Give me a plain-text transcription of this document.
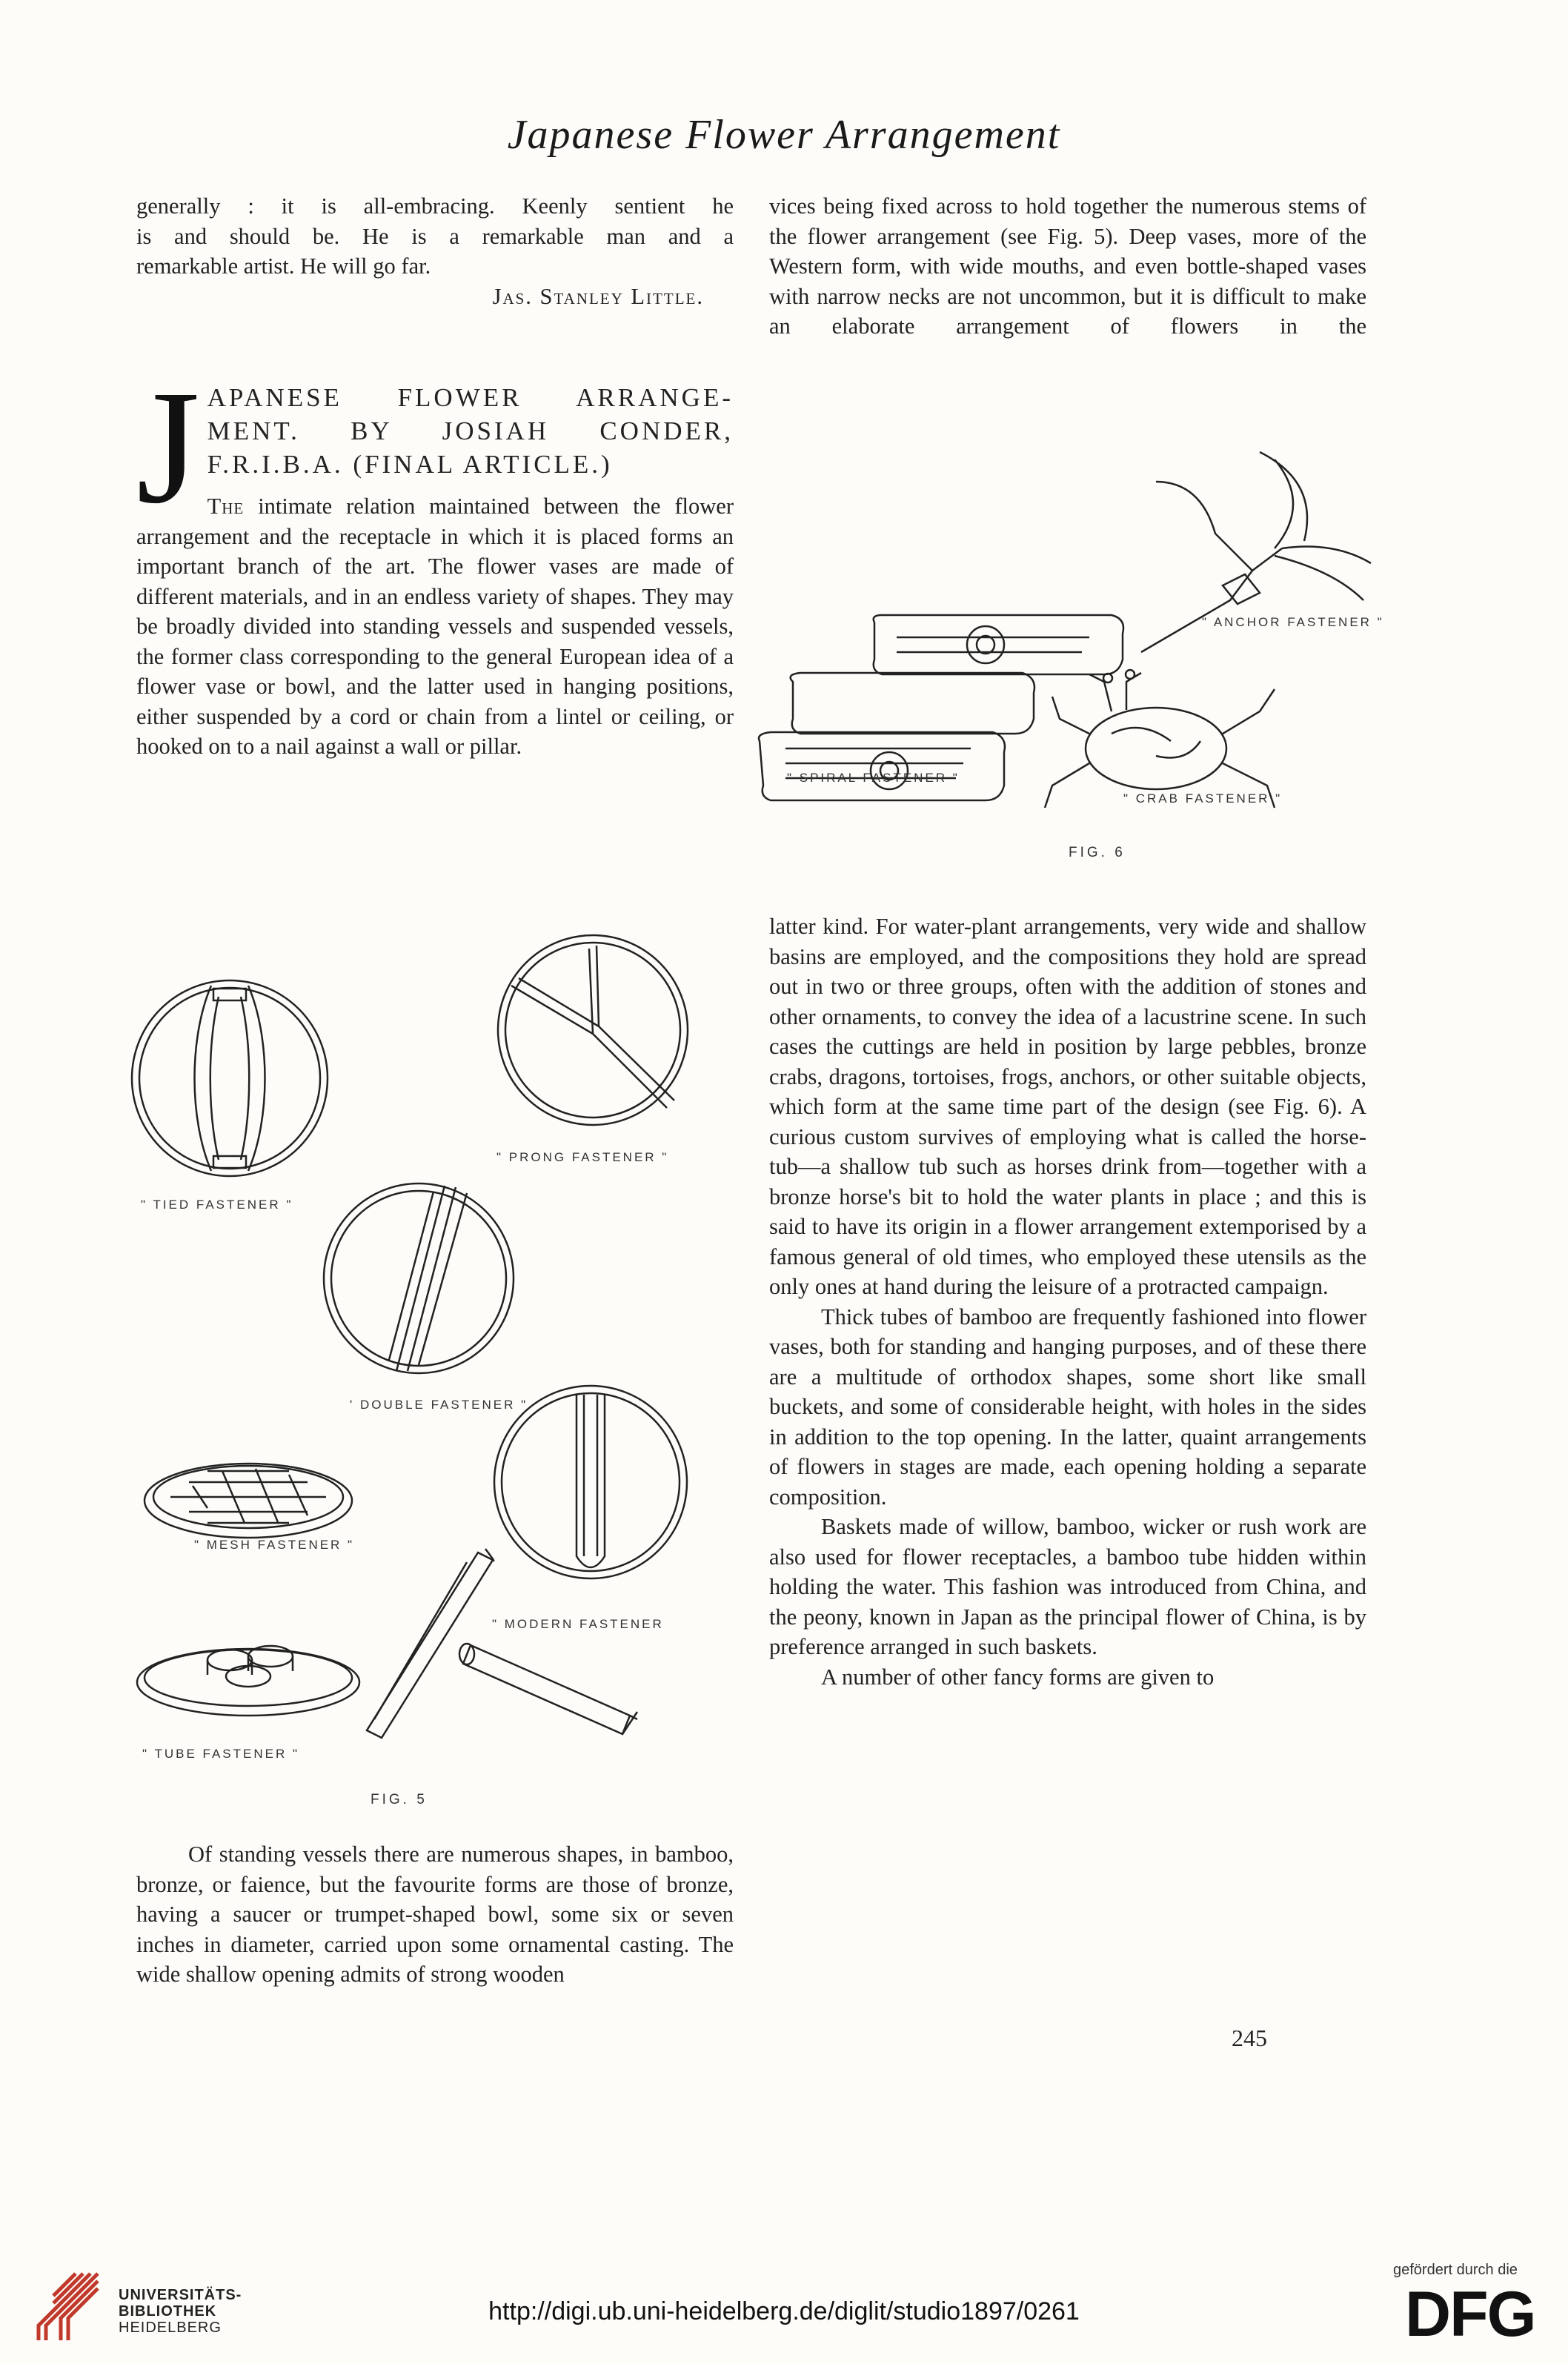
Japanese Flower Arrangement

generally : it is all-embracing. Keenly sentient he

is and should be. He is a remarkable man and a

remarkable artist. He will go far.

Jas. Stanley Little.

J APANESE FLOWER ARRANGE-
MENT. BY JOSIAH CONDER,
F.R.I.B.A. (FINAL ARTICLE.)

The intimate relation maintained between the flower arrangement and the receptacle in which it is placed forms an important branch of the art. The flower vases are made of different materials, and in an endless variety of shapes. They may be broadly divided into standing vessels and suspended vessels, the former class corresponding to the general European idea of a flower vase or bowl, and the latter used in hanging positions, either suspended by a cord or chain from a lintel or ceiling, or hooked on to a nail against a wall or pillar.

" TIED FASTENER "
" PRONG FASTENER "
' DOUBLE FASTENER "
" MESH FASTENER "
" MODERN FASTENER
" TUBE FASTENER "
FIG. 5

Of standing vessels there are numerous shapes, in bamboo, bronze, or faience, but the favourite forms are those of bronze, having a saucer or trumpet-shaped bowl, some six or seven inches in diameter, carried upon some ornamental casting. The wide shallow opening admits of strong wooden

vices being fixed across to hold together the numerous stems of the flower arrangement (see Fig. 5). Deep vases, more of the Western form, with wide mouths, and even bottle-shaped vases with narrow necks are not uncommon, but it is difficult to make an elaborate arrangement of flowers in the

" ANCHOR FASTENER "
" SPIRAL FASTENER "
" CRAB FASTENER "
FIG. 6

latter kind. For water-plant arrangements, very wide and shallow basins are employed, and the compositions they hold are spread out in two or three groups, often with the addition of stones and other ornaments, to convey the idea of a lacustrine scene. In such cases the cuttings are held in position by large pebbles, bronze crabs, dragons, tortoises, frogs, anchors, or other suitable objects, which form at the same time part of the design (see Fig. 6). A curious custom survives of employing what is called the horse-tub—a shallow tub such as horses drink from—together with a bronze horse's bit to hold the water plants in place ; and this is said to have its origin in a flower arrangement extemporised by a famous general of old times, who employed these utensils as the only ones at hand during the leisure of a protracted campaign.

Thick tubes of bamboo are frequently fashioned into flower vases, both for standing and hanging purposes, and of these there are a multitude of orthodox shapes, some short like small buckets, and some of considerable height, with holes in the sides in addition to the top opening. In the latter, quaint arrangements of flowers in stages are made, each opening holding a separate composition.

Baskets made of willow, bamboo, wicker or rush work are also used for flower receptacles, a bamboo tube hidden within holding the water. This fashion was introduced from China, and the peony, known in Japan as the principal flower of China, is by preference arranged in such baskets.

A number of other fancy forms are given to

245
UNIVERSITÄTS-
BIBLIOTHEK
HEIDELBERG
http://digi.ub.uni-heidelberg.de/diglit/studio1897/0261
gefördert durch die
DFG
